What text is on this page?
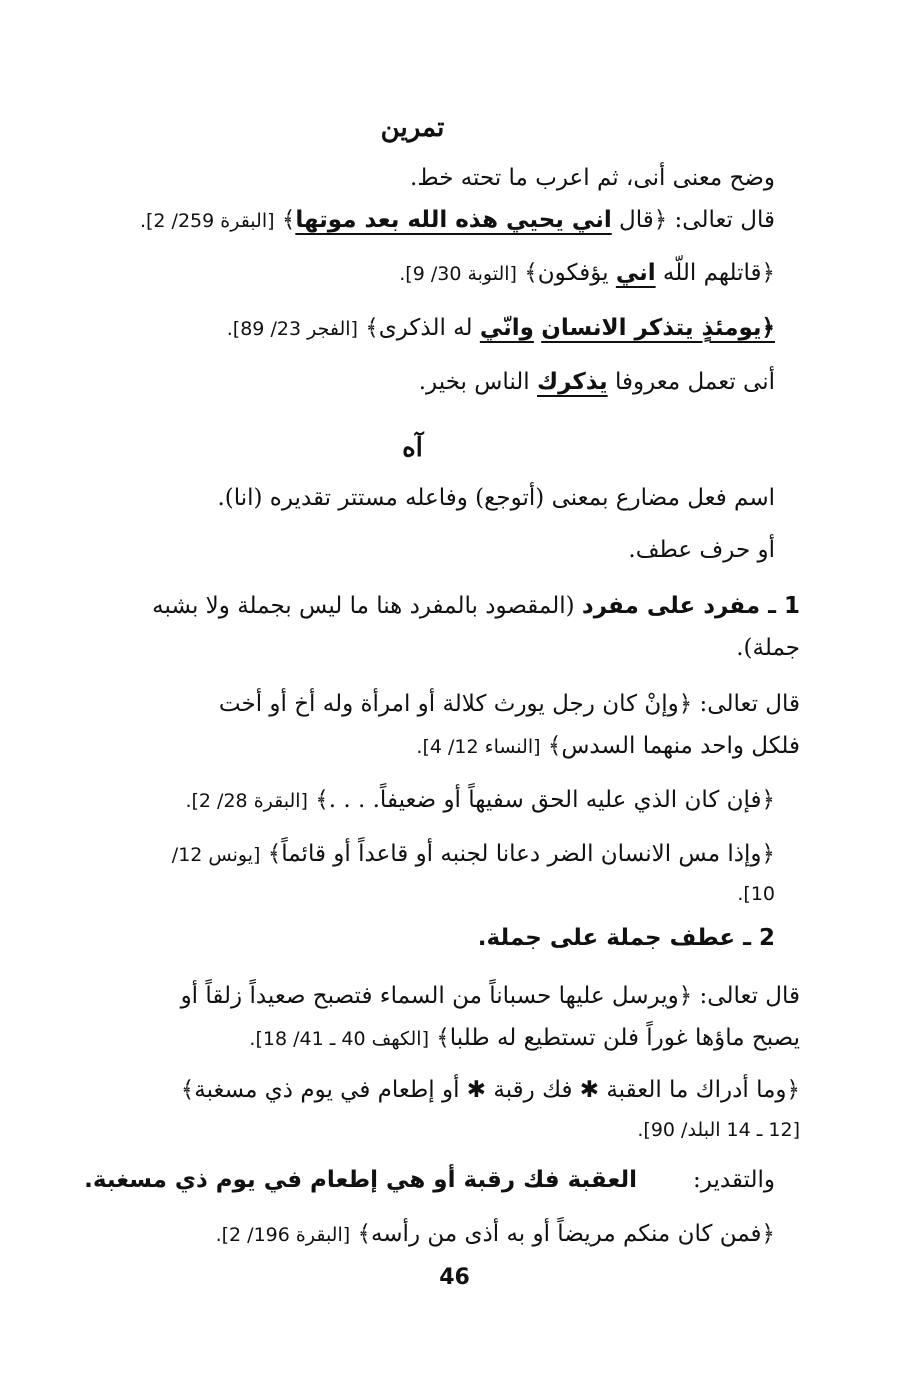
تمرين
وضح معنى أنى، ثم اعرب ما تحته خط.
قال تعالى: ﴿قال اني يحيي هذه الله بعد موتها﴾ [البقرة 259/ 2].
﴿قاتلهم اللّه اني يؤفكون﴾ [التوبة 30/ 9].
﴿يومئذٍ يتذكر الانسان وانّي له الذكرى﴾ [الفجر 23/ 89].
أنى تعمل معروفا يذكرك الناس بخير.
آه
اسم فعل مضارع بمعنى (أتوجع) وفاعله مستتر تقديره (انا).
أو حرف عطف.
1 ـ مفرد على مفرد (المقصود بالمفرد هنا ما ليس بجملة ولا بشبه
جملة).
قال تعالى: ﴿وإنْ كان رجل يورث كلالة أو امرأة وله أخ أو أخت
فلكل واحد منهما السدس﴾ [النساء 12/ 4].
﴿فإن كان الذي عليه الحق سفيهاً أو ضعيفاً. . . .﴾ [البقرة 28/ 2].
﴿وإذا مس الانسان الضر دعانا لجنبه أو قاعداً أو قائماً﴾ [يونس 12/
10].
2 ـ عطف جملة على جملة.
قال تعالى: ﴿ويرسل عليها حسباناً من السماء فتصبح صعيداً زلقاً أو
يصبح ماؤها غوراً فلن تستطيع له طلبا﴾ [الكهف 40 ـ 41/ 18].
﴿وما أدراك ما العقبة ✱ فك رقبة ✱ أو إطعام في يوم ذي مسغبة﴾
[12 ـ 14 البلد/ 90].
والتقدير:العقبة فك رقبة أو هي إطعام في يوم ذي مسغبة.
﴿فمن كان منكم مريضاً أو به أذى من رأسه﴾ [البقرة 196/ 2].
46
